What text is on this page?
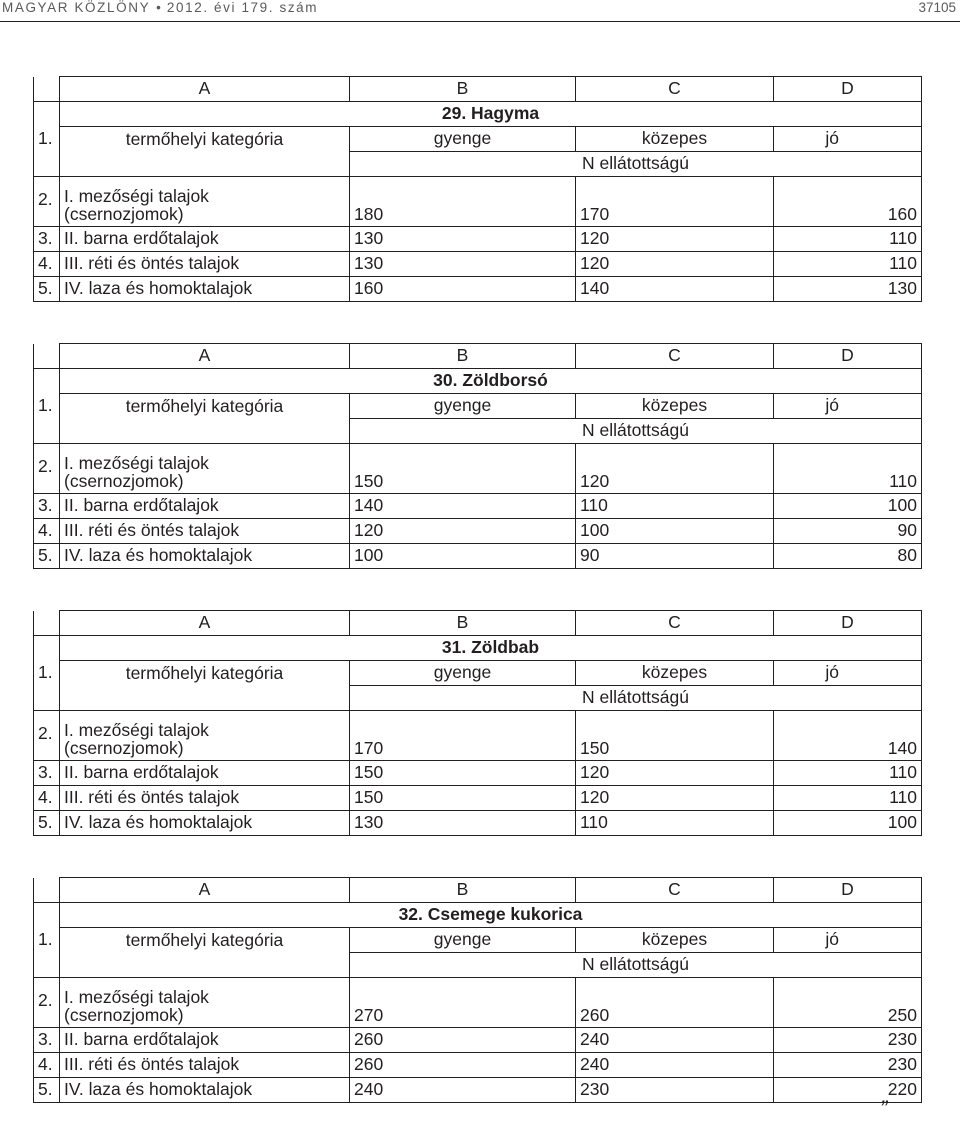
MAGYAR KÖZLÖNY • 2012. évi 179. szám	37105
	A	B	C	D
1.	29. Hagyma			
	termőhelyi kategória	gyenge	közepes	jó
		N ellátottságú		
2.	I. mezőségi talajok
(csernozjomok)	180	170	160
3.	II. barna erdőtalajok	130	120	110
4.	III. réti és öntés talajok	130	120	110
5.	IV. laza és homoktalajok	160	140	130
	A	B	C	D
1.	30. Zöldborsó			
	termőhelyi kategória	gyenge	közepes	jó
		N ellátottságú		
2.	I. mezőségi talajok
(csernozjomok)	150	120	110
3.	II. barna erdőtalajok	140	110	100
4.	III. réti és öntés talajok	120	100	90
5.	IV. laza és homoktalajok	100	90	80
	A	B	C	D
1.	31. Zöldbab			
	termőhelyi kategória	gyenge	közepes	jó
		N ellátottságú		
2.	I. mezőségi talajok
(csernozjomok)	170	150	140
3.	II. barna erdőtalajok	150	120	110
4.	III. réti és öntés talajok	150	120	110
5.	IV. laza és homoktalajok	130	110	100
	A	B	C	D
1.	32. Csemege kukorica			
	termőhelyi kategória	gyenge	közepes	jó
		N ellátottságú		
2.	I. mezőségi talajok
(csernozjomok)	270	260	250
3.	II. barna erdőtalajok	260	240	230
4.	III. réti és öntés talajok	260	240	230
5.	IV. laza és homoktalajok	240	230	220
”
